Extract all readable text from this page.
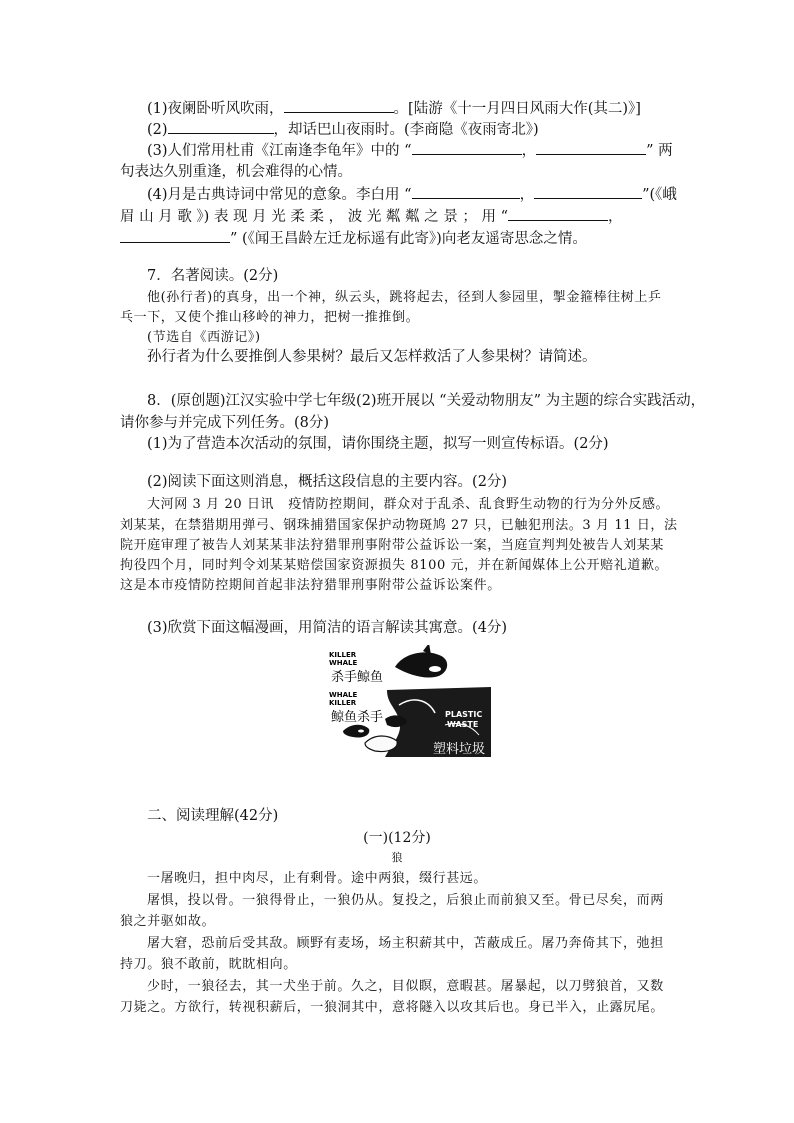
(1)夜阑卧听风吹雨，	。[陆游《十一月四日风雨大作(其二)》]
(2)	，却话巴山夜雨时。(李商隐《夜雨寄北》)
(3)人们常用杜甫《江南逢李龟年》中的 “	，	” 两
句表达久别重逢，机会难得的心情。
(4)月是古典诗词中常见的意象。李白用 “	，	”(《峨
眉 山 月 歌 》) 表 现 月 光 柔 柔 ， 波 光 粼 粼 之 景 ； 用 “	，
” (《闻王昌龄左迁龙标遥有此寄》)向老友遥寄思念之情。
7．名著阅读。(2分)
他(孙行者)的真身，出一个神，纵云头，跳将起去，径到人参园里，掣金箍棒往树上乒
乓一下，又使个推山移岭的神力，把树一推推倒。
(节选自《西游记》)
孙行者为什么要推倒人参果树？最后又怎样救活了人参果树？请简述。
8．(原创题)江汉实验中学七年级(2)班开展以 “关爱动物朋友” 为主题的综合实践活动，
请你参与并完成下列任务。(8分)
(1)为了营造本次活动的氛围，请你围绕主题，拟写一则宣传标语。(2分)
(2)阅读下面这则消息，概括这段信息的主要内容。(2分)
大河网 3 月 20 日讯 疫情防控期间，群众对于乱杀、乱食野生动物的行为分外反感。
刘某某，在禁猎期用弹弓、钢珠捕猎国家保护动物斑鸠 27 只，已触犯刑法。3 月 11 日，法
院开庭审理了被告人刘某某非法狩猎罪刑事附带公益诉讼一案，当庭宣判判处被告人刘某某
拘役四个月，同时判令刘某某赔偿国家资源损失 8100 元，并在新闻媒体上公开赔礼道歉。
这是本市疫情防控期间首起非法狩猎罪刑事附带公益诉讼案件。
(3)欣赏下面这幅漫画，用简洁的语言解读其寓意。(4分)
KILLER
WHALE
杀手鲸鱼
WHALE
KILLER
鲸鱼杀手	PLASTIC
WASTE
塑料垃圾
二、阅读理解(42分)
(一)(12分)
狼
一屠晚归，担中肉尽，止有剩骨。途中两狼，缀行甚远。
屠惧，投以骨。一狼得骨止，一狼仍从。复投之，后狼止而前狼又至。骨已尽矣，而两
狼之并驱如故。
屠大窘，恐前后受其敌。顾野有麦场，场主积薪其中，苫蔽成丘。屠乃奔倚其下，弛担
持刀。狼不敢前，眈眈相向。
少时，一狼径去，其一犬坐于前。久之，目似瞑，意暇甚。屠暴起，以刀劈狼首，又数
刀毙之。方欲行，转视积薪后，一狼洞其中，意将隧入以攻其后也。身已半入，止露尻尾。
